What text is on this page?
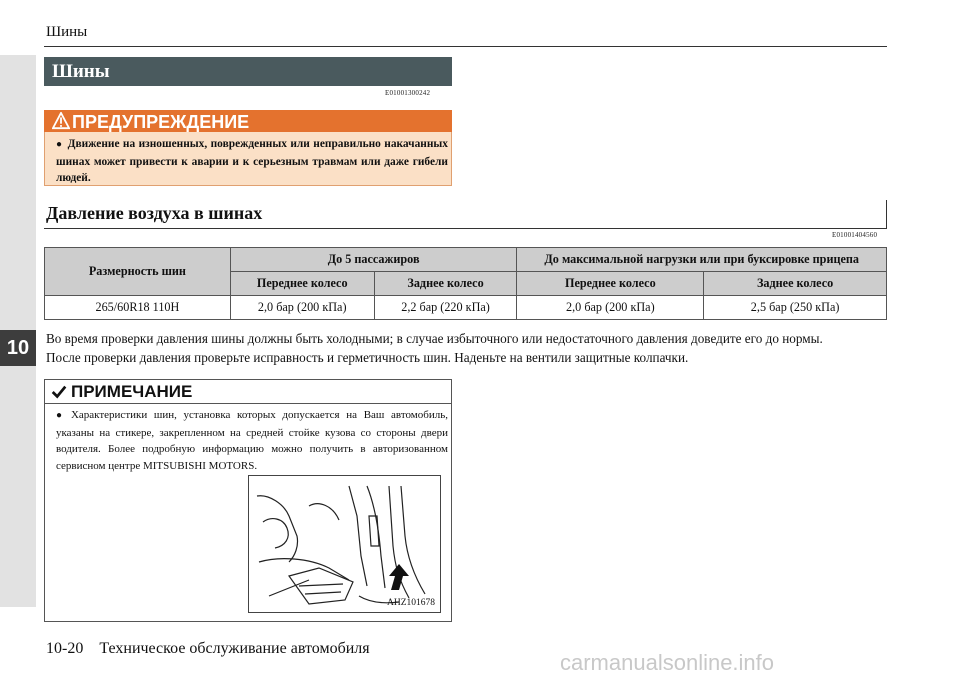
10
Шины
Шины
E01001300242
ПРЕДУПРЕЖДЕНИЕ
● Движение на изношенных, поврежденных или неправильно накачанных шинах может привести к аварии и к серьезным травмам или даже гибели людей.
Давление воздуха в шинах
E01001404560
Размерность шин	До 5 пассажиров		До максимальной нагрузки или при буксировке прицепа	
	Переднее колесо	Заднее колесо	Переднее колесо	Заднее колесо
265/60R18 110H	2,0 бар (200 кПа)	2,2 бар (220 кПа)	2,0 бар (200 кПа)	2,5 бар (250 кПа)
Во время проверки давления шины должны быть холодными; в случае избыточного или недостаточного давления доведите его до нормы.
После проверки давления проверьте исправность и герметичность шин. Наденьте на вентили защитные колпачки.
ПРИМЕЧАНИЕ
● Характеристики шин, установка которых допускается на Ваш автомобиль, указаны на стикере, закрепленном на средней стойке кузова со стороны двери водителя. Более подробную информацию можно получить в авторизованном сервисном центре MITSUBISHI MOTORS.
AHZ101678
10-20 Техническое обслуживание автомобиля
carmanualsonline.info
